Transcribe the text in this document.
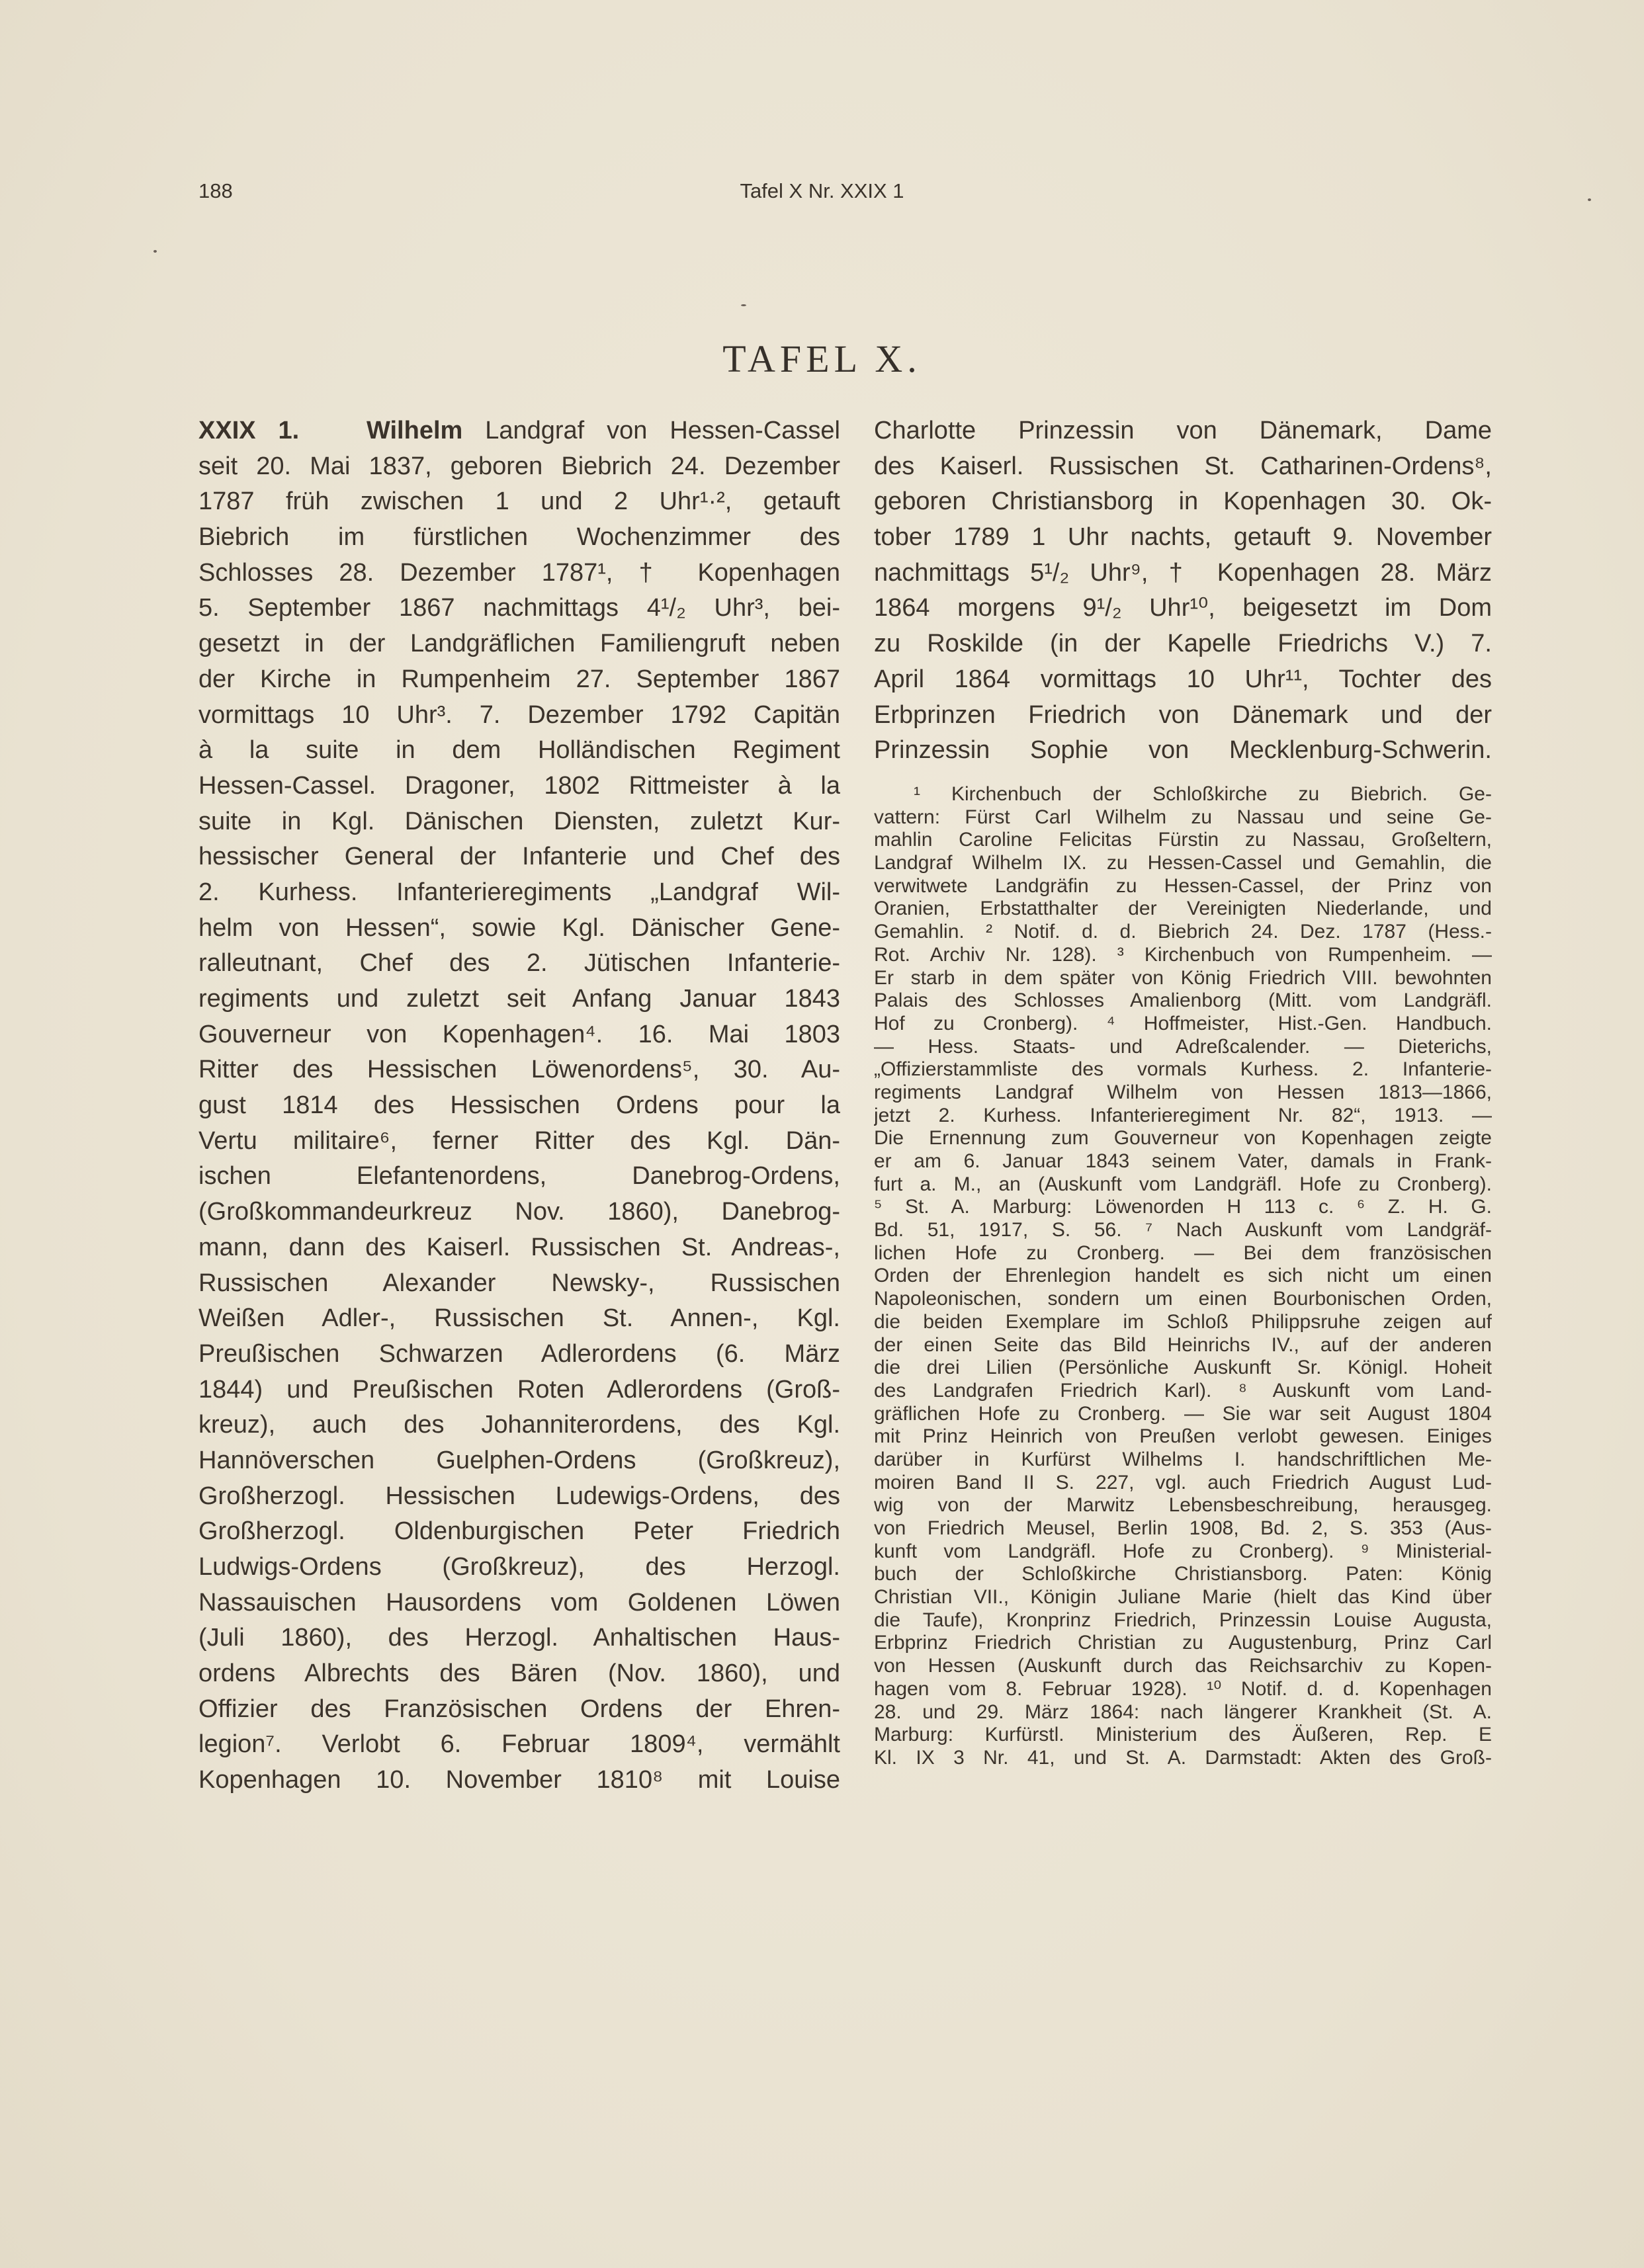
188	Tafel X Nr. XXIX 1
TAFEL X.
XXIX 1.	Wilhelm Landgraf von Hessen-Cassel
seit 20. Mai 1837, geboren Biebrich 24. Dezember
1787 früh zwischen 1 und 2 Uhr¹·², getauft
Biebrich im fürstlichen Wochenzimmer des
Schlosses 28. Dezember 1787¹, † Kopenhagen
5. September 1867 nachmittags 4¹/₂ Uhr³, bei-
gesetzt in der Landgräflichen Familiengruft neben
der Kirche in Rumpenheim 27. September 1867
vormittags 10 Uhr³. 7. Dezember 1792 Capitän
à la suite in dem Holländischen Regiment
Hessen-Cassel. Dragoner, 1802 Rittmeister à la
suite in Kgl. Dänischen Diensten, zuletzt Kur-
hessischer General der Infanterie und Chef des
2. Kurhess. Infanterieregiments „Landgraf Wil-
helm von Hessen“, sowie Kgl. Dänischer Gene-
ralleutnant, Chef des 2. Jütischen Infanterie-
regiments und zuletzt seit Anfang Januar 1843
Gouverneur von Kopenhagen⁴. 16. Mai 1803
Ritter des Hessischen Löwenordens⁵, 30. Au-
gust 1814 des Hessischen Ordens pour la
Vertu militaire⁶, ferner Ritter des Kgl. Dän-
ischen Elefantenordens, Danebrog-Ordens,
(Großkommandeurkreuz Nov. 1860), Danebrog-
mann, dann des Kaiserl. Russischen St. Andreas-,
Russischen Alexander Newsky-, Russischen
Weißen Adler-, Russischen St. Annen-, Kgl.
Preußischen Schwarzen Adlerordens (6. März
1844) und Preußischen Roten Adlerordens (Groß-
kreuz), auch des Johanniterordens, des Kgl.
Hannöverschen Guelphen-Ordens (Großkreuz),
Großherzogl. Hessischen Ludewigs-Ordens, des
Großherzogl. Oldenburgischen Peter Friedrich
Ludwigs-Ordens (Großkreuz), des Herzogl.
Nassauischen Hausordens vom Goldenen Löwen
(Juli 1860), des Herzogl. Anhaltischen Haus-
ordens Albrechts des Bären (Nov. 1860), und
Offizier des Französischen Ordens der Ehren-
legion⁷. Verlobt 6. Februar 1809⁴, vermählt
Kopenhagen 10. November 1810⁸ mit Louise
Charlotte Prinzessin von Dänemark, Dame
des Kaiserl. Russischen St. Catharinen-Ordens⁸,
geboren Christiansborg in Kopenhagen 30. Ok-
tober 1789 1 Uhr nachts, getauft 9. November
nachmittags 5¹/₂ Uhr⁹, † Kopenhagen 28. März
1864 morgens 9¹/₂ Uhr¹⁰, beigesetzt im Dom
zu Roskilde (in der Kapelle Friedrichs V.) 7.
April 1864 vormittags 10 Uhr¹¹, Tochter des
Erbprinzen Friedrich von Dänemark und der
Prinzessin Sophie von Mecklenburg-Schwerin.
¹ Kirchenbuch der Schloßkirche zu Biebrich. Ge-
vattern: Fürst Carl Wilhelm zu Nassau und seine Ge-
mahlin Caroline Felicitas Fürstin zu Nassau, Großeltern,
Landgraf Wilhelm IX. zu Hessen-Cassel und Gemahlin, die
verwitwete Landgräfin zu Hessen-Cassel, der Prinz von
Oranien, Erbstatthalter der Vereinigten Niederlande, und
Gemahlin. ² Notif. d. d. Biebrich 24. Dez. 1787 (Hess.-
Rot. Archiv Nr. 128). ³ Kirchenbuch von Rumpenheim. —
Er starb in dem später von König Friedrich VIII. bewohnten
Palais des Schlosses Amalienborg (Mitt. vom Landgräfl.
Hof zu Cronberg). ⁴ Hoffmeister, Hist.-Gen. Handbuch.
— Hess. Staats- und Adreßcalender. — Dieterichs,
„Offizierstammliste des vormals Kurhess. 2. Infanterie-
regiments Landgraf Wilhelm von Hessen 1813—1866,
jetzt 2. Kurhess. Infanterieregiment Nr. 82“, 1913. —
Die Ernennung zum Gouverneur von Kopenhagen zeigte
er am 6. Januar 1843 seinem Vater, damals in Frank-
furt a. M., an (Auskunft vom Landgräfl. Hofe zu Cronberg).
⁵ St. A. Marburg: Löwenorden H 113 c. ⁶ Z. H. G.
Bd. 51, 1917, S. 56. ⁷ Nach Auskunft vom Landgräf-
lichen Hofe zu Cronberg. — Bei dem französischen
Orden der Ehrenlegion handelt es sich nicht um einen
Napoleonischen, sondern um einen Bourbonischen Orden,
die beiden Exemplare im Schloß Philippsruhe zeigen auf
der einen Seite das Bild Heinrichs IV., auf der anderen
die drei Lilien (Persönliche Auskunft Sr. Königl. Hoheit
des Landgrafen Friedrich Karl). ⁸ Auskunft vom Land-
gräflichen Hofe zu Cronberg. — Sie war seit August 1804
mit Prinz Heinrich von Preußen verlobt gewesen. Einiges
darüber in Kurfürst Wilhelms I. handschriftlichen Me-
moiren Band II S. 227, vgl. auch Friedrich August Lud-
wig von der Marwitz Lebensbeschreibung, herausgeg.
von Friedrich Meusel, Berlin 1908, Bd. 2, S. 353 (Aus-
kunft vom Landgräfl. Hofe zu Cronberg). ⁹ Ministerial-
buch der Schloßkirche Christiansborg. Paten: König
Christian VII., Königin Juliane Marie (hielt das Kind über
die Taufe), Kronprinz Friedrich, Prinzessin Louise Augusta,
Erbprinz Friedrich Christian zu Augustenburg, Prinz Carl
von Hessen (Auskunft durch das Reichsarchiv zu Kopen-
hagen vom 8. Februar 1928). ¹⁰ Notif. d. d. Kopenhagen
28. und 29. März 1864: nach längerer Krankheit (St. A.
Marburg: Kurfürstl. Ministerium des Äußeren, Rep. E
Kl. IX 3 Nr. 41, und St. A. Darmstadt: Akten des Groß-
